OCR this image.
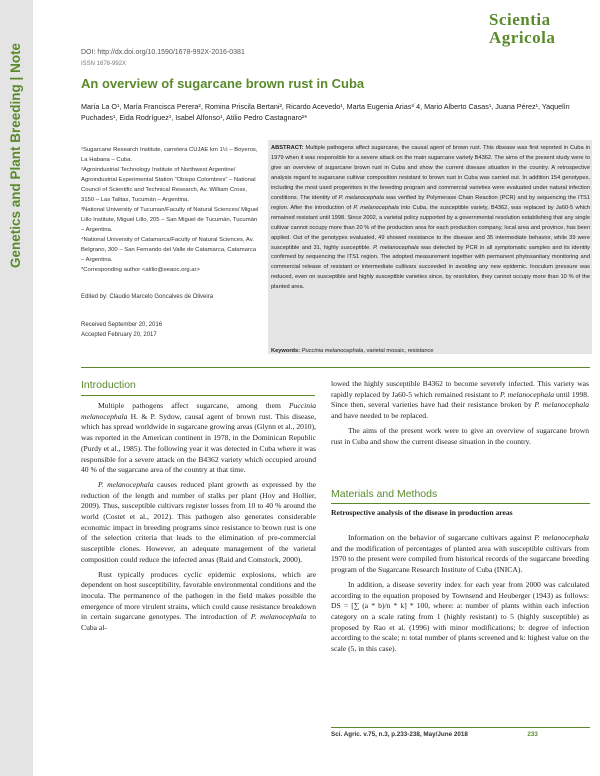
Genetics and Plant Breeding | Note
Scientia
Agricola
DOI: http://dx.doi.org/10.1590/1678-992X-2016-0381
ISSN 1678-992X
An overview of sugarcane brown rust in Cuba
María La O¹, María Francisca Perera², Romina Priscila Bertani², Ricardo Acevedo¹, Marta Eugenia Arias³˙4, Mario Alberto Casas¹, Juana Pérez¹, Yaquelín Puchades¹, Eida Rodríguez¹, Isabel Alfonso¹, Atilio Pedro Castagnaro²*

¹Sugarcane Research Institute, carretera CUJAE km 1½ – Boyeros, La Habana – Cuba.

²Agroindustrial Technology Institute of Northwest Argentine/ Agroindustrial Experimental Station “Obispo Colombres” – National Council of Scientific and Technical Research, Av. William Cross, 3150 – Las Talitas, Tucumán – Argentina.

³National University of Tucuman/Faculty of Natural Sciences/ Miguel Lillo Institute, Miguel Lillo, 205 – San Miguel de Tucumán, Tucumán – Argentina.

⁴National University of Catamarca/Faculty of Natural Sciences, Av. Belgrano, 300 – San Fernando del Valle de Catamarca, Catamarca – Argentina.

*Corresponding author <atilio@eeaoc.org.ar>

Edited by: Claudio Marcelo Goncalves de Oliveira
Received September 20, 2016
Accepted February 20, 2017
ABSTRACT: Multiple pathogens affect sugarcane, the causal agent of brown rust. This disease was first reported in Cuba in 1979 when it was responsible for a severe attack on the main sugarcane variety B4362. The aims of the present study were to give an overview of sugarcane brown rust in Cuba and show the current disease situation in the country. A retrospective analysis regard to sugarcane cultivar composition resistant to brown rust in Cuba was carried out. In addition 154 genotypes, including the most used progenitors in the breeding program and commercial varieties were evaluated under natural infection conditions. The identity of P. melanocephala was verified by Polymerase Chain Reaction (PCR) and by sequencing the ITS1 region. After the introduction of P. melanocephala into Cuba, the susceptible variety, B4362, was replaced by Ja60-5 which remained resistant until 1998. Since 2002, a varietal policy supported by a governmental resolution establishing that any single cultivar cannot occupy more than 20 % of the production area for each production company, local area and province, has been applied. Out of the genotypes evaluated, 49 showed resistance to the disease and 35 intermediate behavior, while 39 were susceptible and 31, highly susceptible. P. melanocephala was detected by PCR in all symptomatic samples and its identity confirmed by sequencing the ITS1 region. The adopted measurement together with permanent phytosanitary monitoring and commercial release of resistant or intermediate cultivars succeeded in avoiding any new epidemic. Inoculum pressure was reduced, even on susceptible and highly susceptible varieties since, by resolution, they cannot occupy more than 10 % of the planted area.
Keywords: Puccinia melanocephala, varietal mosaic, resistance
Introduction

Multiple pathogens affect sugarcane, among them Puccinia melanocephala H. & P. Sydow, causal agent of brown rust. This disease, which has spread worldwide in sugarcane growing areas (Glynn et al., 2010), was reported in the American continent in 1978, in the Dominican Republic (Purdy et al., 1985). The following year it was detected in Cuba where it was responsible for a severe attack on the B4362 variety which occupied around 40 % of the sugarcane area of the country at that time.

P. melanocephala causes reduced plant growth as expressed by the reduction of the length and number of stalks per plant (Hoy and Hollier, 2009). Thus, susceptible cultivars register losses from 10 to 40 % around the world (Costet et al., 2012). This pathogen also generates considerable economic impact in breeding programs since resistance to brown rust is one of the selection criteria that leads to the elimination of pre-commercial susceptible clones. However, an adequate management of the varietal composition could reduce the infected areas (Raid and Comstock, 2000).

Rust typically produces cyclic epidemic explosions, which are dependent on host susceptibility, favorable environmental conditions and the inocula. The permanence of the pathogen in the field makes possible the emergence of more virulent strains, which could cause resistance breakdown in certain sugarcane genotypes. The introduction of P. melanocephala to Cuba al-

lowed the highly susceptible B4362 to become severely infected. This variety was rapidly replaced by Ja60-5 which remained resistant to P. melanocephala until 1998. Since then, several varieties have had their resistance broken by P. melanocephala and have needed to be replaced.

The aims of the present work were to give an overview of sugarcane brown rust in Cuba and show the current disease situation in the country.

Materials and Methods
Retrospective analysis of the disease in production areas

Information on the behavior of sugarcane cultivars against P. melanocephala and the modification of percentages of planted area with susceptible cultivars from 1970 to the present were compiled from historical records of the sugarcane breeding program of the Sugarcane Research Institute of Cuba (INICA).

In addition, a disease severity index for each year from 2000 was calculated according to the equation proposed by Townsend and Heuberger (1943) as follows: DS = [∑ (a * b)/n * k] * 100, where: a: number of plants within each infection category on a scale rating from 1 (highly resistant) to 5 (highly susceptible) as proposed by Rao et al. (1996) with minor modifications; b: degree of infection according to the scale; n: total number of plants screened and k: highest value on the scale (5, in this case).

Sci. Agric. v.75, n.3, p.233-238, May/June 2018	233
